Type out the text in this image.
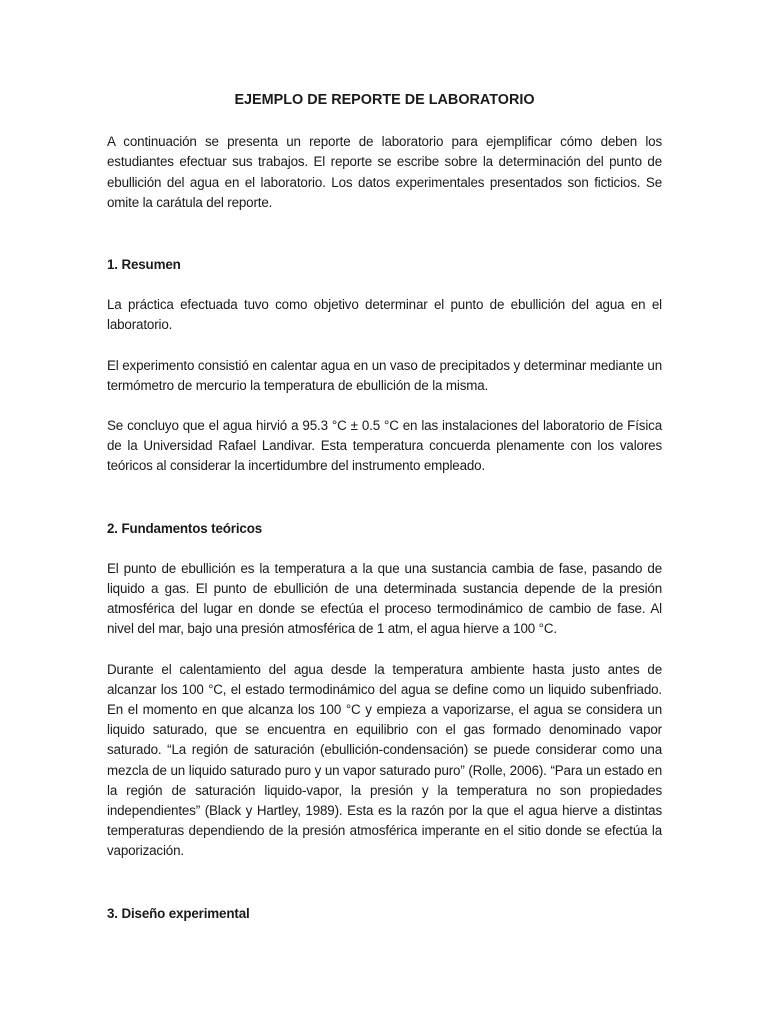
EJEMPLO DE REPORTE DE LABORATORIO

A continuación se presenta un reporte de laboratorio para ejemplificar cómo deben los estudiantes efectuar sus trabajos. El reporte se escribe sobre la determinación del punto de ebullición del agua en el laboratorio. Los datos experimentales presentados son ficticios. Se omite la carátula del reporte.

1. Resumen

La práctica efectuada tuvo como objetivo determinar el punto de ebullición del agua en el laboratorio.

El experimento consistió en calentar agua en un vaso de precipitados y determinar mediante un termómetro de mercurio la temperatura de ebullición de la misma.

Se concluyo que el agua hirvió a 95.3 °C ± 0.5 °C en las instalaciones del laboratorio de Física de la Universidad Rafael Landivar. Esta temperatura concuerda plenamente con los valores teóricos al considerar la incertidumbre del instrumento empleado.

2. Fundamentos teóricos

El punto de ebullición es la temperatura a la que una sustancia cambia de fase, pasando de liquido a gas. El punto de ebullición de una determinada sustancia depende de la presión atmosférica del lugar en donde se efectúa el proceso termodinámico de cambio de fase. Al nivel del mar, bajo una presión atmosférica de 1 atm, el agua hierve a 100 °C.

Durante el calentamiento del agua desde la temperatura ambiente hasta justo antes de alcanzar los 100 °C, el estado termodinámico del agua se define como un liquido subenfriado. En el momento en que alcanza los 100 °C y empieza a vaporizarse, el agua se considera un liquido saturado, que se encuentra en equilibrio con el gas formado denominado vapor saturado. “La región de saturación (ebullición-condensación) se puede considerar como una mezcla de un liquido saturado puro y un vapor saturado puro” (Rolle, 2006). “Para un estado en la región de saturación liquido-vapor, la presión y la temperatura no son propiedades independientes” (Black y Hartley, 1989). Esta es la razón por la que el agua hierve a distintas temperaturas dependiendo de la presión atmosférica imperante en el sitio donde se efectúa la vaporización.

3. Diseño experimental
